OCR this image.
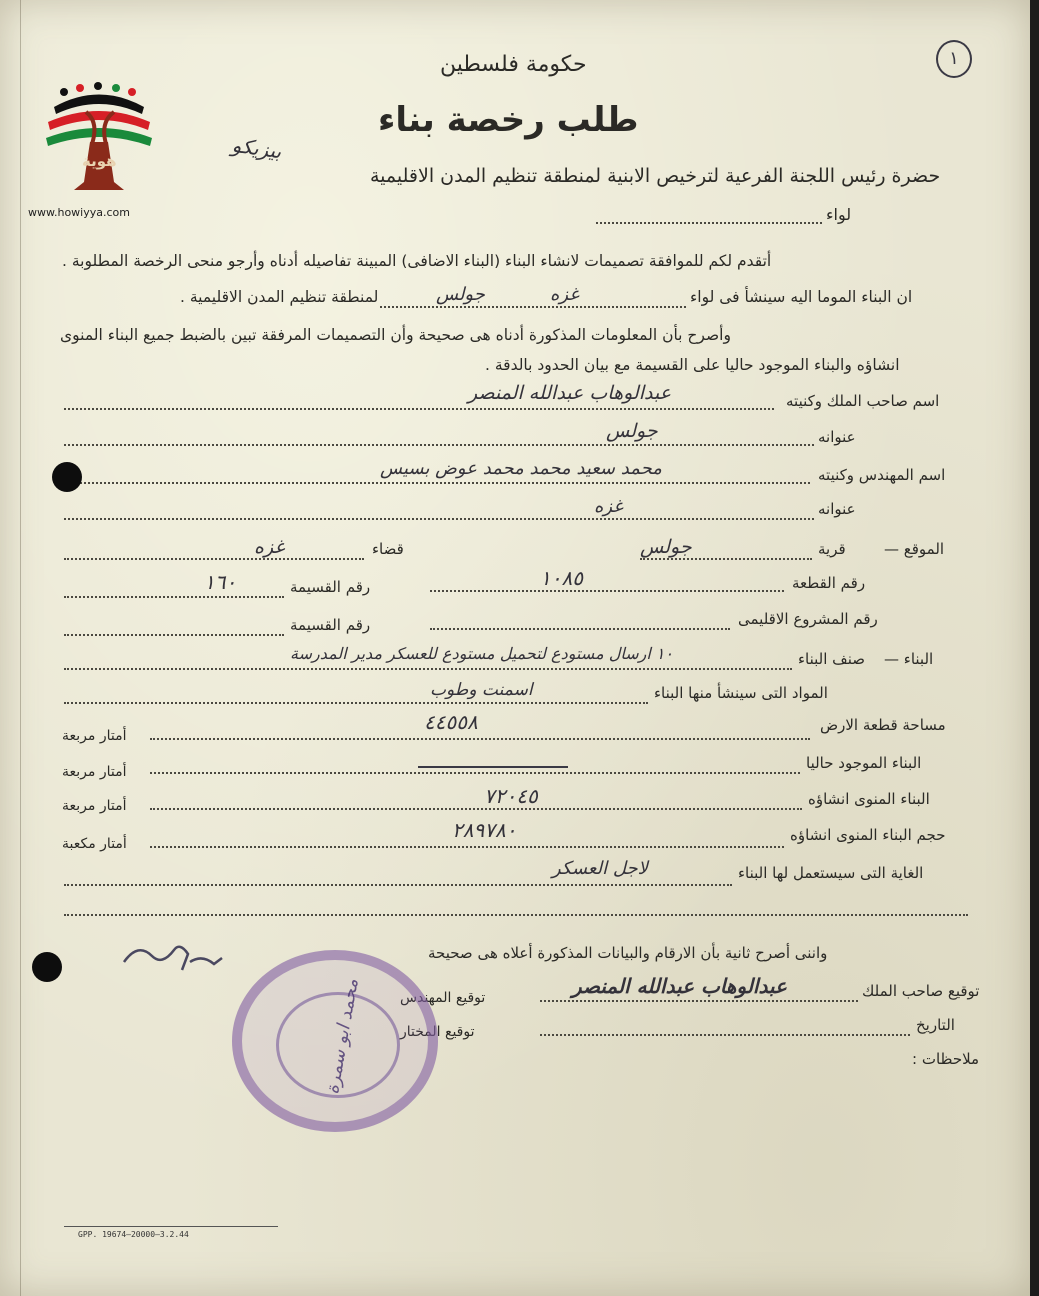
هوية
www.howiyya.com
١
حكومة فلسطين
طلب رخصة بناء
بيزيكو
حضرة رئيس اللجنة الفرعية لترخيص الابنية لمنطقة تنظيم المدن الاقليمية
لواء
أتقدم لكم للموافقة تصميمات لانشاء البناء (البناء الاضافى) المبينة تفاصيله أدناه وأرجو منحى الرخصة المطلوبة .
ان البناء الموما اليه سينشأ فى لواء
غزه
جولس
لمنطقة تنظيم المدن الاقليمية .
وأصرح بأن المعلومات المذكورة أدناه هى صحيحة وأن التصميمات المرفقة تبين بالضبط جميع البناء المنوى
انشاؤه والبناء الموجود حاليا على القسيمة مع بيان الحدود بالدقة .
اسم صاحب الملك وكنيته
عبدالوهاب عبدالله المنصر
عنوانه
جولس
اسم المهندس وكنيته
محمد سعيد محمد محمد عوض بسيس
عنوانه
غزه
الموقع —
قرية
جولس
قضاء
غزه
رقم القطعة
١٠٨٥
رقم القسيمة
١٦٠
رقم المشروع الاقليمى
رقم القسيمة
البناء —
صنف البناء
١٠ ارسال مستودع لتحميل مستودع للعسكر مدير المدرسة
المواد التى سينشأ منها البناء
اسمنت وطوب
مساحة قطعة الارض
٤٤٥٥٨
أمتار مربعة
البناء الموجود حاليا
أمتار مربعة
البناء المنوى انشاؤه
٧٢٠٤٥
أمتار مربعة
حجم البناء المنوى انشاؤه
٢٨٩٧٨٠
أمتار مكعبة
الغاية التى سيستعمل لها البناء
لاجل العسكر
واننى أصرح ثانية بأن الارقام والبيانات المذكورة أعلاه هى صحيحة
توقيع صاحب الملك
عبدالوهاب عبدالله المنصر
توقيع المهندس
توقيع المختار	التاريخ
ملاحظات :
محمد ابو سمرة
GPP. 19674—20000—3.2.44
